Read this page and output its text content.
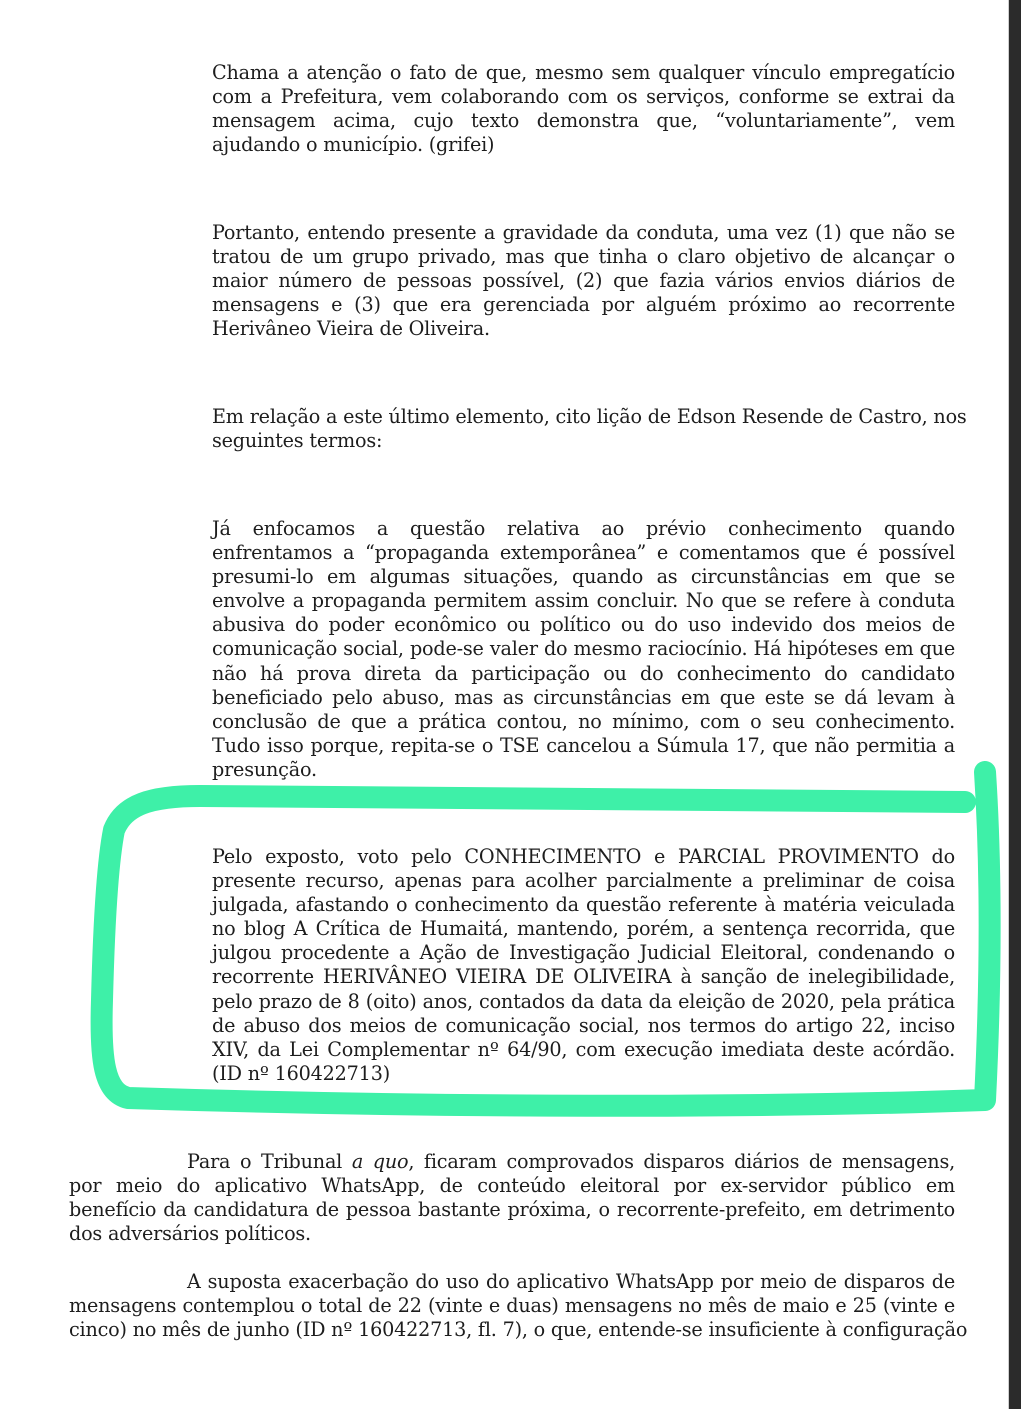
Chama a atenção o fato de que, mesmo sem qualquer vínculo empregatício
com a Prefeitura, vem colaborando com os serviços, conforme se extrai da
mensagem acima, cujo texto demonstra que, “voluntariamente”, vem
ajudando o município. (grifei)

Portanto, entendo presente a gravidade da conduta, uma vez (1) que não se
tratou de um grupo privado, mas que tinha o claro objetivo de alcançar o
maior número de pessoas possível, (2) que fazia vários envios diários de
mensagens e (3) que era gerenciada por alguém próximo ao recorrente
Herivâneo Vieira de Oliveira.

Em relação a este último elemento, cito lição de Edson Resende de Castro, nos
seguintes termos:

Já enfocamos a questão relativa ao prévio conhecimento quando
enfrentamos a “propaganda extemporânea” e comentamos que é possível
presumi-lo em algumas situações, quando as circunstâncias em que se
envolve a propaganda permitem assim concluir. No que se refere à conduta
abusiva do poder econômico ou político ou do uso indevido dos meios de
comunicação social, pode-se valer do mesmo raciocínio. Há hipóteses em que
não há prova direta da participação ou do conhecimento do candidato
beneficiado pelo abuso, mas as circunstâncias em que este se dá levam à
conclusão de que a prática contou, no mínimo, com o seu conhecimento.
Tudo isso porque, repita-se o TSE cancelou a Súmula 17, que não permitia a
presunção.

Pelo exposto, voto pelo CONHECIMENTO e PARCIAL PROVIMENTO do
presente recurso, apenas para acolher parcialmente a preliminar de coisa
julgada, afastando o conhecimento da questão referente à matéria veiculada
no blog A Crítica de Humaitá, mantendo, porém, a sentença recorrida, que
julgou procedente a Ação de Investigação Judicial Eleitoral, condenando o
recorrente HERIVÂNEO VIEIRA DE OLIVEIRA à sanção de inelegibilidade,
pelo prazo de 8 (oito) anos, contados da data da eleição de 2020, pela prática
de abuso dos meios de comunicação social, nos termos do artigo 22, inciso
XIV, da Lei Complementar nº 64/90, com execução imediata deste acórdão.
(ID nº 160422713)

Para o Tribunal a quo, ficaram comprovados disparos diários de mensagens,
por meio do aplicativo WhatsApp, de conteúdo eleitoral por ex-servidor público em
benefício da candidatura de pessoa bastante próxima, o recorrente-prefeito, em detrimento
dos adversários políticos.

A suposta exacerbação do uso do aplicativo WhatsApp por meio de disparos de
mensagens contemplou o total de 22 (vinte e duas) mensagens no mês de maio e 25 (vinte e
cinco) no mês de junho (ID nº 160422713, fl. 7), o que, entende-se insuficiente à configuração
